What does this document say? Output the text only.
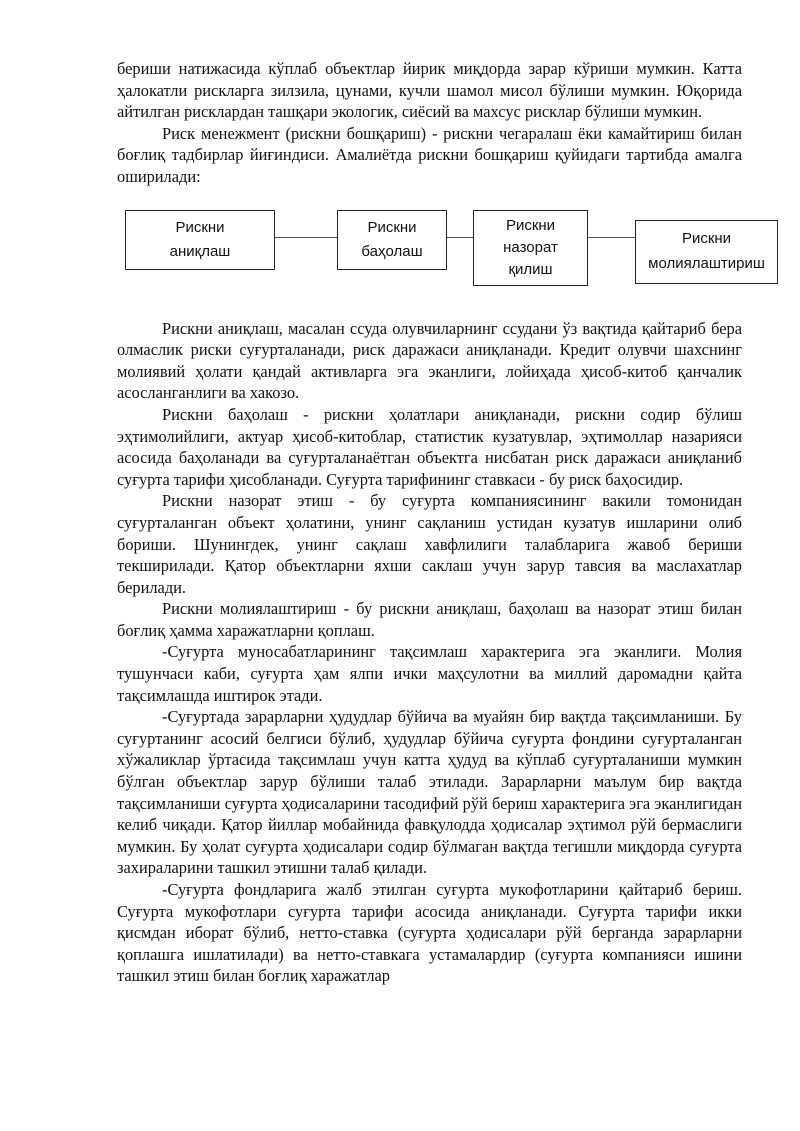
бериши натижасида кўплаб объектлар йирик миқдорда зарар кўриши мумкин. Катта ҳалокатли рискларга зилзила, цунами, кучли шамол мисол бўлиши мумкин. Юқорида айтилган рисклардан ташқари экологик, сиёсий ва махсус рисклар бўлиши мумкин.

Риск менежмент (рискни бошқариш) - рискни чегаралаш ёки камайтириш билан боғлиқ тадбирлар йиғиндиси. Амалиётда рискни бошқариш қуйидаги тартибда амалга оширилади:

Рискни
аниқлаш
Рискни
баҳолаш
Рискни
назорат
қилиш
Рискни
молиялаштириш

Рискни аниқлаш, масалан ссуда олувчиларнинг ссудани ўз вақтида қайтариб бера олмаслик риски суғурталанади, риск даражаси аниқланади. Кредит олувчи шахснинг молиявий ҳолати қандай активларга эга эканлиги, лойиҳада ҳисоб-китоб қанчалик асосланганлиги ва хакозо.

Рискни баҳолаш - рискни ҳолатлари аниқланади, рискни содир бўлиш эҳтимолийлиги, актуар ҳисоб-китоблар, статистик кузатувлар, эҳтимоллар назарияси асосида баҳоланади ва суғурталанаётган объектга нисбатан риск даражаси аниқланиб суғурта тарифи ҳисобланади. Суғурта тарифининг ставкаси - бу риск баҳосидир.

Рискни назорат этиш - бу суғурта компаниясининг вакили томонидан суғурталанган объект ҳолатини, унинг сақланиш устидан кузатув ишларини олиб бориши. Шунингдек, унинг сақлаш хавфлилиги талабларига жавоб бериши текширилади. Қатор объектларни яхши саклаш учун зарур тавсия ва маслахатлар берилади.

Рискни молиялаштириш - бу рискни аниқлаш, баҳолаш ва назорат этиш билан боғлиқ ҳамма харажатларни қоплаш.

-Суғурта муносабатларининг тақсимлаш характерига эга эканлиги. Молия тушунчаси каби, суғурта ҳам ялпи ички маҳсулотни ва миллий даромадни қайта тақсимлашда иштирок этади.

-Суғуртада зарарларни ҳудудлар бўйича ва муайян бир вақтда тақсимланиши. Бу суғуртанинг асосий белгиси бўлиб, ҳудудлар бўйича суғурта фондини суғурталанган хўжаликлар ўртасида тақсимлаш учун катта ҳудуд ва кўплаб суғурталаниши мумкин бўлган объектлар зарур бўлиши талаб этилади. Зарарларни маълум бир вақтда тақсимланиши суғурта ҳодисаларини тасодифий рўй бериш характерига эга эканлигидан келиб чиқади. Қатор йиллар мобайнида фавқулодда ҳодисалар эҳтимол рўй бермаслиги мумкин. Бу ҳолат суғурта ҳодисалари содир бўлмаган вақтда тегишли миқдорда суғурта захираларини ташкил этишни талаб қилади.

-Суғурта фондларига жалб этилган суғурта мукофотларини қайтариб бериш. Суғурта мукофотлари суғурта тарифи асосида аниқланади. Суғурта тарифи икки қисмдан иборат бўлиб, нетто-ставка (суғурта ҳодисалари рўй берганда зарарларни қоплашга ишлатилади) ва нетто-ставкага устамалардир (суғурта компанияси ишини ташкил этиш билан боғлиқ харажатлар
